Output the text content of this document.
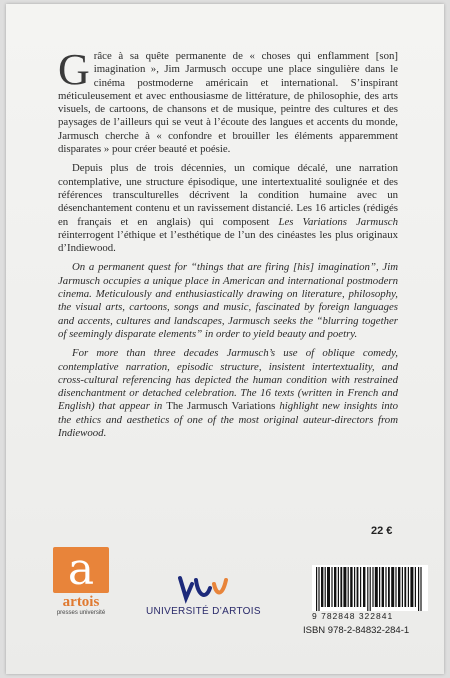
Grâce à sa quête permanente de « choses qui enflamment [son] imagination », Jim Jarmusch occupe une place singulière dans le cinéma postmoderne américain et international. S’inspirant méticuleusement et avec enthousiasme de littérature, de philosophie, des arts visuels, de cartoons, de chansons et de musique, peintre des cultures et des paysages de l’ailleurs qui se veut à l’écoute des langues et accents du monde, Jarmusch cherche à « confondre et brouiller les éléments apparemment disparates » pour créer beauté et poésie.

Depuis plus de trois décennies, un comique décalé, une narration contemplative, une structure épisodique, une intertextualité soulignée et des références transculturelles décrivent la condition humaine avec un désenchantement contenu et un ravissement distancié. Les 16 articles (rédigés en français et en anglais) qui composent Les Variations Jarmusch réinterrogent l’éthique et l’esthétique de l’un des cinéastes les plus originaux d’Indiewood.

On a permanent quest for “things that are firing [his] imagination”, Jim Jarmusch occupies a unique place in American and international postmodern cinema. Meticulously and enthusiastically drawing on literature, philosophy, the visual arts, cartoons, songs and music, fascinated by foreign languages and accents, cultures and landscapes, Jarmusch seeks the “blurring together of seemingly disparate elements” in order to yield beauty and poetry.

For more than three decades Jarmusch’s use of oblique comedy, contemplative narration, episodic structure, insistent intertextuality, and cross-cultural referencing has depicted the human condition with restrained disenchantment or detached celebration. The 16 texts (written in French and English) that appear in The Jarmusch Variations highlight new insights into the ethics and aesthetics of one of the most original auteur-directors from Indiewood.

22 €
a
artois
presses université	UNIVERSITÉ D’ARTOIS	9 782848 322841
ISBN 978-2-84832-284-1
